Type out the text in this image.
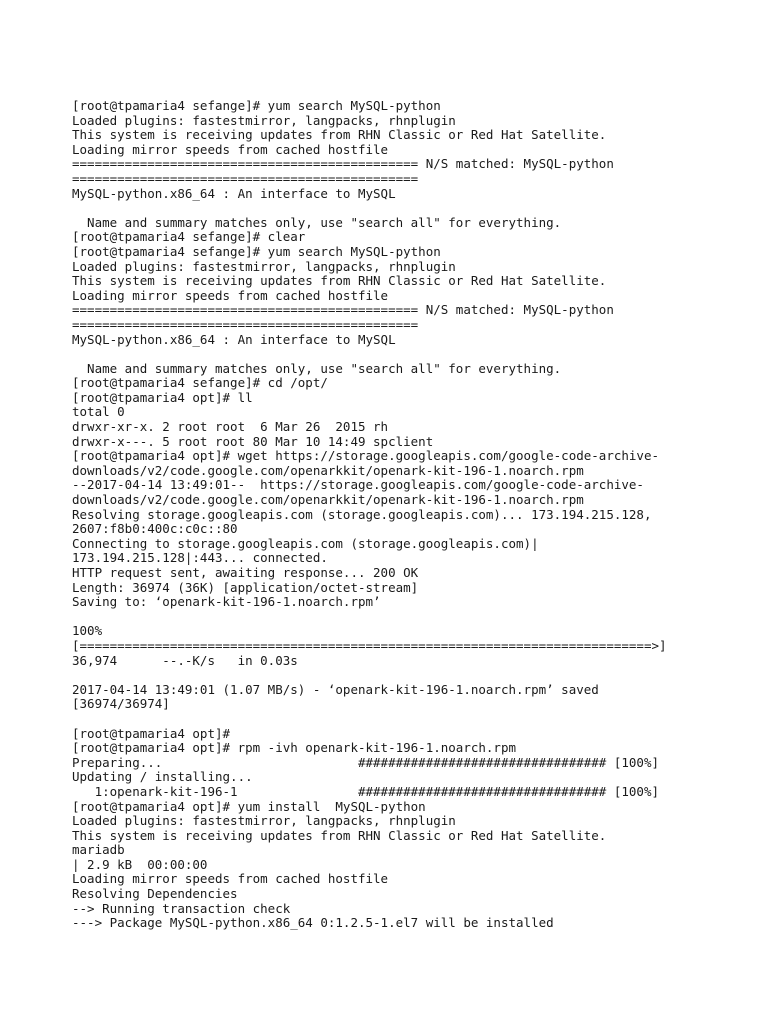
[root@tpamaria4 sefange]# yum search MySQL-python
Loaded plugins: fastestmirror, langpacks, rhnplugin
This system is receiving updates from RHN Classic or Red Hat Satellite.
Loading mirror speeds from cached hostfile
============================================== N/S matched: MySQL-python
==============================================
MySQL-python.x86_64 : An interface to MySQL

Name and summary matches only, use "search all" for everything.
[root@tpamaria4 sefange]# clear
[root@tpamaria4 sefange]# yum search MySQL-python
Loaded plugins: fastestmirror, langpacks, rhnplugin
This system is receiving updates from RHN Classic or Red Hat Satellite.
Loading mirror speeds from cached hostfile
============================================== N/S matched: MySQL-python
==============================================
MySQL-python.x86_64 : An interface to MySQL

Name and summary matches only, use "search all" for everything.
[root@tpamaria4 sefange]# cd /opt/
[root@tpamaria4 opt]# ll
total 0
drwxr-xr-x. 2 root root  6 Mar 26  2015 rh
drwxr-x---. 5 root root 80 Mar 10 14:49 spclient
[root@tpamaria4 opt]# wget https://storage.googleapis.com/google-code-archive-
downloads/v2/code.google.com/openarkkit/openark-kit-196-1.noarch.rpm
--2017-04-14 13:49:01--  https://storage.googleapis.com/google-code-archive-
downloads/v2/code.google.com/openarkkit/openark-kit-196-1.noarch.rpm
Resolving storage.googleapis.com (storage.googleapis.com)... 173.194.215.128,
2607:f8b0:400c:c0c::80
Connecting to storage.googleapis.com (storage.googleapis.com)|
173.194.215.128|:443... connected.
HTTP request sent, awaiting response... 200 OK
Length: 36974 (36K) [application/octet-stream]
Saving to: ‘openark-kit-196-1.noarch.rpm’

100%
[============================================================================>]
36,974      --.-K/s   in 0.03s

2017-04-14 13:49:01 (1.07 MB/s) - ‘openark-kit-196-1.noarch.rpm’ saved
[36974/36974]

[root@tpamaria4 opt]#
[root@tpamaria4 opt]# rpm -ivh openark-kit-196-1.noarch.rpm
Preparing...                          ################################# [100%]
Updating / installing...
1:openark-kit-196-1                ################################# [100%]
[root@tpamaria4 opt]# yum install  MySQL-python
Loaded plugins: fastestmirror, langpacks, rhnplugin
This system is receiving updates from RHN Classic or Red Hat Satellite.
mariadb
| 2.9 kB  00:00:00
Loading mirror speeds from cached hostfile
Resolving Dependencies
--> Running transaction check
---> Package MySQL-python.x86_64 0:1.2.5-1.el7 will be installed
